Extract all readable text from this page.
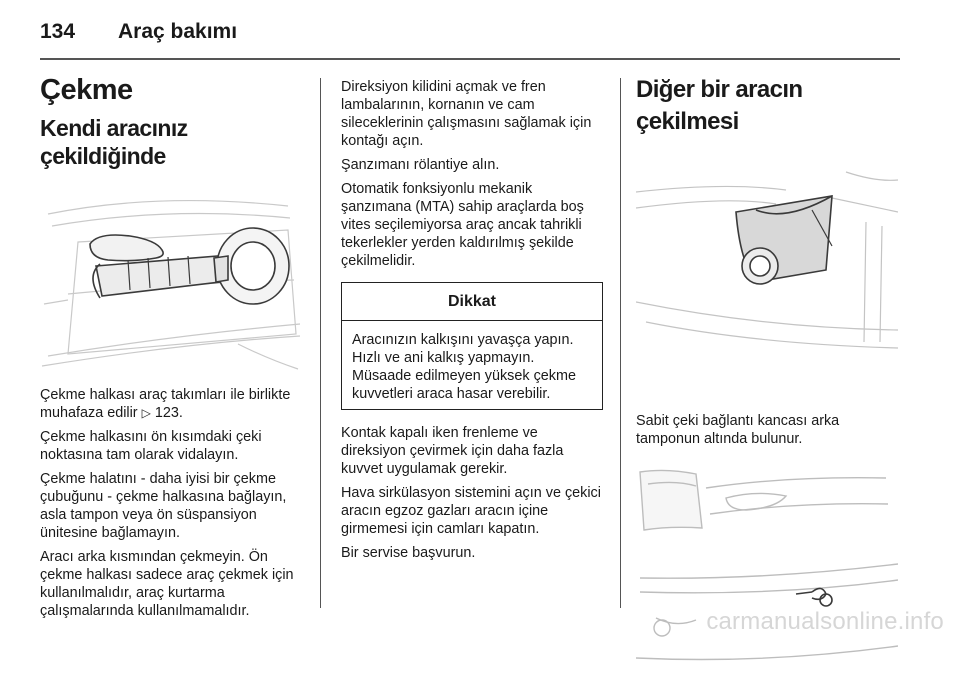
134 Araç bakımı
Çekme
Kendi aracınız çekildiğinde

Çekme halkası araç takımları ile birlikte muhafaza edilir ▷ 123.

Çekme halkasını ön kısımdaki çeki noktasına tam olarak vidalayın.

Çekme halatını - daha iyisi bir çekme çubuğunu - çekme halkasına bağlayın, asla tampon veya ön süspansiyon ünitesine bağlamayın.

Aracı arka kısmından çekmeyin. Ön çekme halkası sadece araç çekmek için kullanılmalıdır, araç kurtarma çalışmalarında kullanılmamalıdır.

Direksiyon kilidini açmak ve fren lambalarının, kornanın ve cam sileceklerinin çalışmasını sağlamak için kontağı açın.

Şanzımanı rölantiye alın.

Otomatik fonksiyonlu mekanik şanzımana (MTA) sahip araçlarda boş vites seçilemiyorsa araç ancak tahrikli tekerlekler yerden kaldırılmış şekilde çekilmelidir.

Dikkat

Aracınızın kalkışını yavaşça yapın. Hızlı ve ani kalkış yapmayın. Müsaade edilmeyen yüksek çekme kuvvetleri araca hasar verebilir.

Kontak kapalı iken frenleme ve direksiyon çevirmek için daha fazla kuvvet uygulamak gerekir.

Hava sirkülasyon sistemini açın ve çekici aracın egzoz gazları aracın içine girmemesi için camları kapatın.

Bir servise başvurun.

Diğer bir aracın çekilmesi

Sabit çeki bağlantı kancası arka tamponun altında bulunur.

carmanualsonline.info
